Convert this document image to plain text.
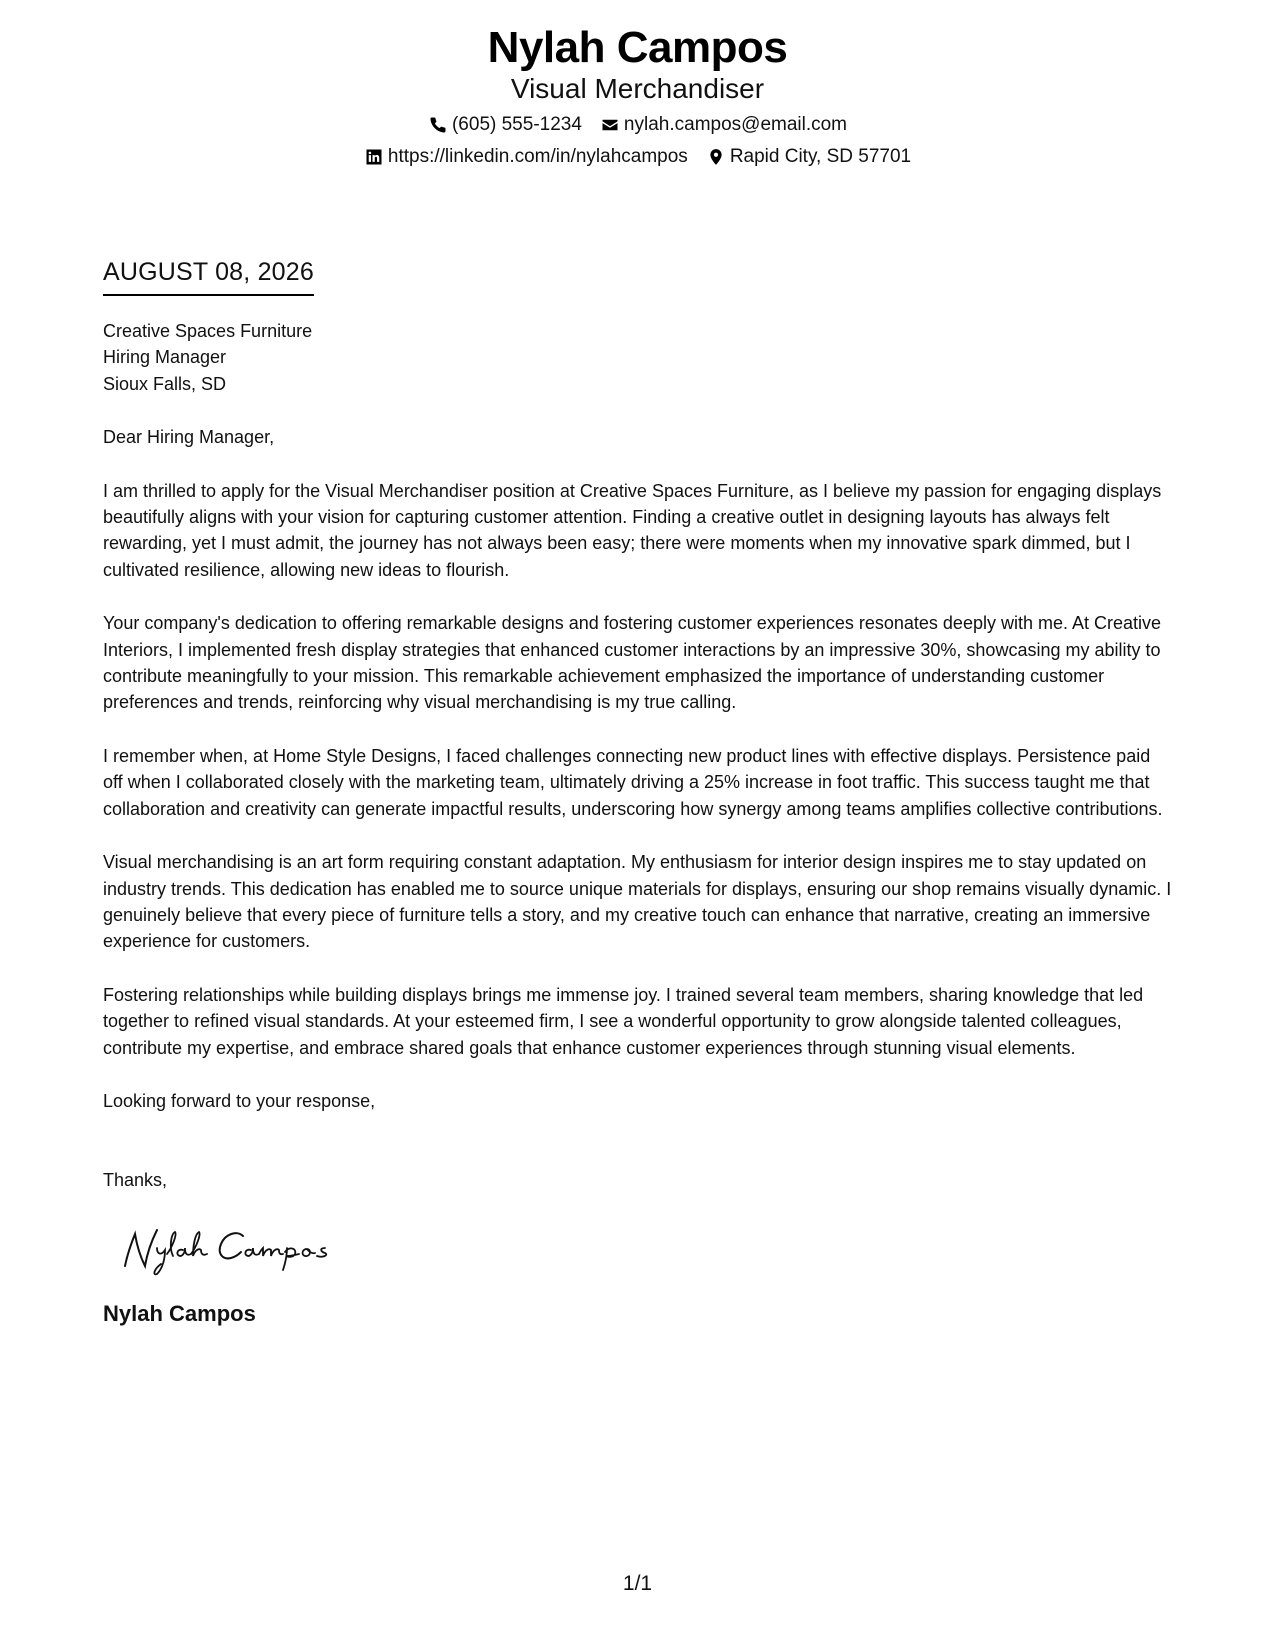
Nylah Campos
Visual Merchandiser
(605) 555-1234 nylah.campos@email.com
https://linkedin.com/in/nylahcampos Rapid City, SD 57701
AUGUST 08, 2026
Creative Spaces Furniture
Hiring Manager
Sioux Falls, SD
Dear Hiring Manager,
I am thrilled to apply for the Visual Merchandiser position at Creative Spaces Furniture, as I believe my passion for engaging displays beautifully aligns with your vision for capturing customer attention. Finding a creative outlet in designing layouts has always felt rewarding, yet I must admit, the journey has not always been easy; there were moments when my innovative spark dimmed, but I cultivated resilience, allowing new ideas to flourish.
Your company's dedication to offering remarkable designs and fostering customer experiences resonates deeply with me. At Creative Interiors, I implemented fresh display strategies that enhanced customer interactions by an impressive 30%, showcasing my ability to contribute meaningfully to your mission. This remarkable achievement emphasized the importance of understanding customer preferences and trends, reinforcing why visual merchandising is my true calling.
I remember when, at Home Style Designs, I faced challenges connecting new product lines with effective displays. Persistence paid off when I collaborated closely with the marketing team, ultimately driving a 25% increase in foot traffic. This success taught me that collaboration and creativity can generate impactful results, underscoring how synergy among teams amplifies collective contributions.
Visual merchandising is an art form requiring constant adaptation. My enthusiasm for interior design inspires me to stay updated on industry trends. This dedication has enabled me to source unique materials for displays, ensuring our shop remains visually dynamic. I genuinely believe that every piece of furniture tells a story, and my creative touch can enhance that narrative, creating an immersive experience for customers.
Fostering relationships while building displays brings me immense joy. I trained several team members, sharing knowledge that led together to refined visual standards. At your esteemed firm, I see a wonderful opportunity to grow alongside talented colleagues, contribute my expertise, and embrace shared goals that enhance customer experiences through stunning visual elements.
Looking forward to your response,
Thanks,
Nylah Campos
1/1
